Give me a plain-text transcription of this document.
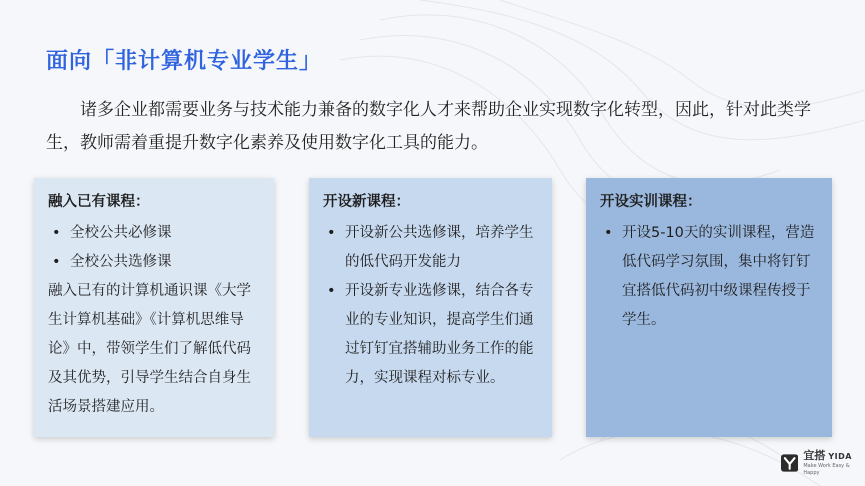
面向「非计算机专业学生」
诸多企业都需要业务与技术能力兼备的数字化人才来帮助企业实现数字化转型，因此，针对此类学生，教师需着重提升数字化素养及使用数字化工具的能力。
融入已有课程：
• 全校公共必修课
• 全校公共选修课

融入已有的计算机通识课《大学生计算机基础》《计算机思维导论》中，带领学生们了解低代码及其优势，引导学生结合自身生活场景搭建应用。

开设新课程：
• 开设新公共选修课，培养学生的低代码开发能力
• 开设新专业选修课，结合各专业的专业知识，提高学生们通过钉钉宜搭辅助业务工作的能力，实现课程对标专业。
开设实训课程：
• 开设5-10天的实训课程，营造低代码学习氛围，集中将钉钉宜搭低代码初中级课程传授于学生。
宜搭 YIDA
Make Work Easy & Happy
